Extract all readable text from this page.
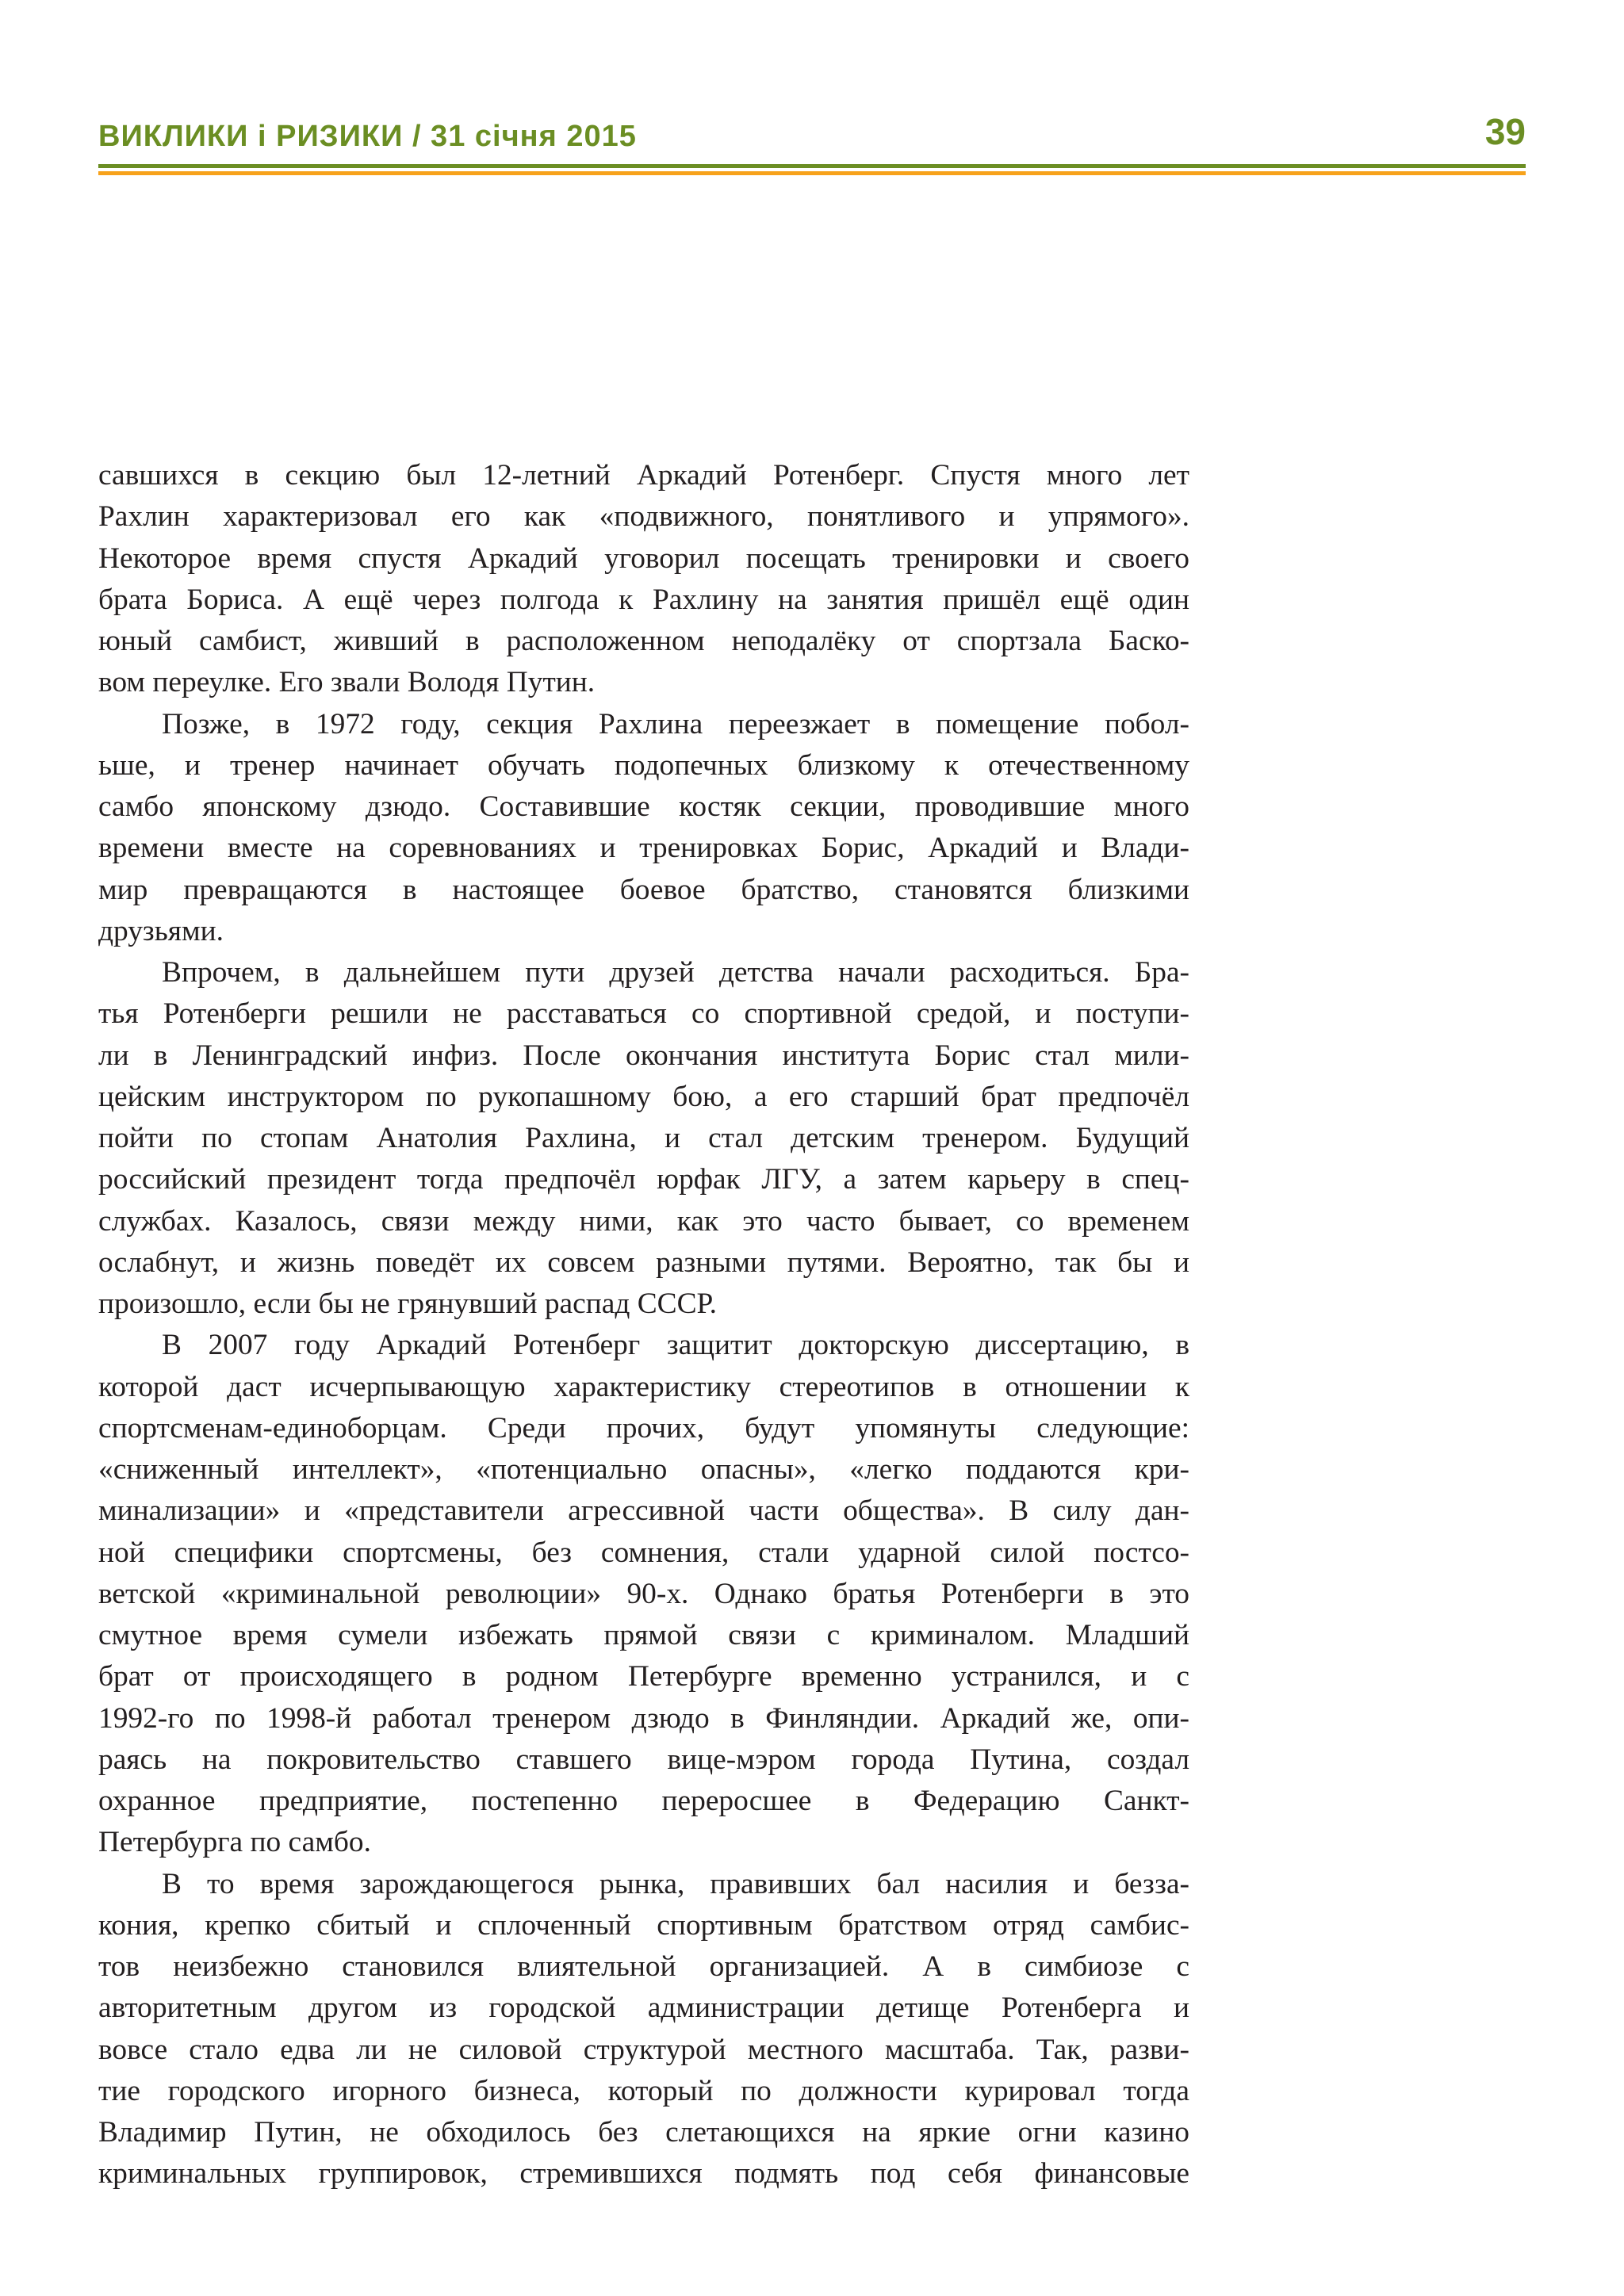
ВИКЛИКИ і РИЗИКИ / 31 січня 2015	39
савшихся в секцию был 12-летний Аркадий Ротенберг. Спустя много лет
Рахлин характеризовал его как «подвижного, понятливого и упрямого».
Некоторое время спустя Аркадий уговорил посещать тренировки и своего
брата Бориса. А ещё через полгода к Рахлину на занятия пришёл ещё один
юный самбист, живший в расположенном неподалёку от спортзала Баско-
вом переулке. Его звали Володя Путин.
Позже, в 1972 году, секция Рахлина переезжает в помещение побол-
ьше, и тренер начинает обучать подопечных близкому к отечественному
самбо японскому дзюдо. Составившие костяк секции, проводившие много
времени вместе на соревнованиях и тренировках Борис, Аркадий и Влади-
мир превращаются в настоящее боевое братство, становятся близкими
друзьями.
Впрочем, в дальнейшем пути друзей детства начали расходиться. Бра-
тья Ротенберги решили не расставаться со спортивной средой, и поступи-
ли в Ленинградский инфиз. После окончания института Борис стал мили-
цейским инструктором по рукопашному бою, а его старший брат предпочёл
пойти по стопам Анатолия Рахлина, и стал детским тренером. Будущий
российский президент тогда предпочёл юрфак ЛГУ, а затем карьеру в спец-
службах. Казалось, связи между ними, как это часто бывает, со временем
ослабнут, и жизнь поведёт их совсем разными путями. Вероятно, так бы и
произошло, если бы не грянувший распад СССР.
В 2007 году Аркадий Ротенберг защитит докторскую диссертацию, в
которой даст исчерпывающую характеристику стереотипов в отношении к
спортсменам-единоборцам. Среди прочих, будут упомянуты следующие:
«сниженный интеллект», «потенциально опасны», «легко поддаются кри-
минализации» и «представители агрессивной части общества». В силу дан-
ной специфики спортсмены, без сомнения, стали ударной силой постсо-
ветской «криминальной революции» 90-х. Однако братья Ротенберги в это
смутное время сумели избежать прямой связи с криминалом. Младший
брат от происходящего в родном Петербурге временно устранился, и с
1992-го по 1998-й работал тренером дзюдо в Финляндии. Аркадий же, опи-
раясь на покровительство ставшего вице-мэром города Путина, создал
охранное предприятие, постепенно переросшее в Федерацию Санкт-
Петербурга по самбо.
В то время зарождающегося рынка, правивших бал насилия и безза-
кония, крепко сбитый и сплоченный спортивным братством отряд самбис-
тов неизбежно становился влиятельной организацией. А в симбиозе с
авторитетным другом из городской администрации детище Ротенберга и
вовсе стало едва ли не силовой структурой местного масштаба. Так, разви-
тие городского игорного бизнеса, который по должности курировал тогда
Владимир Путин, не обходилось без слетающихся на яркие огни казино
криминальных группировок, стремившихся подмять под себя финансовые
